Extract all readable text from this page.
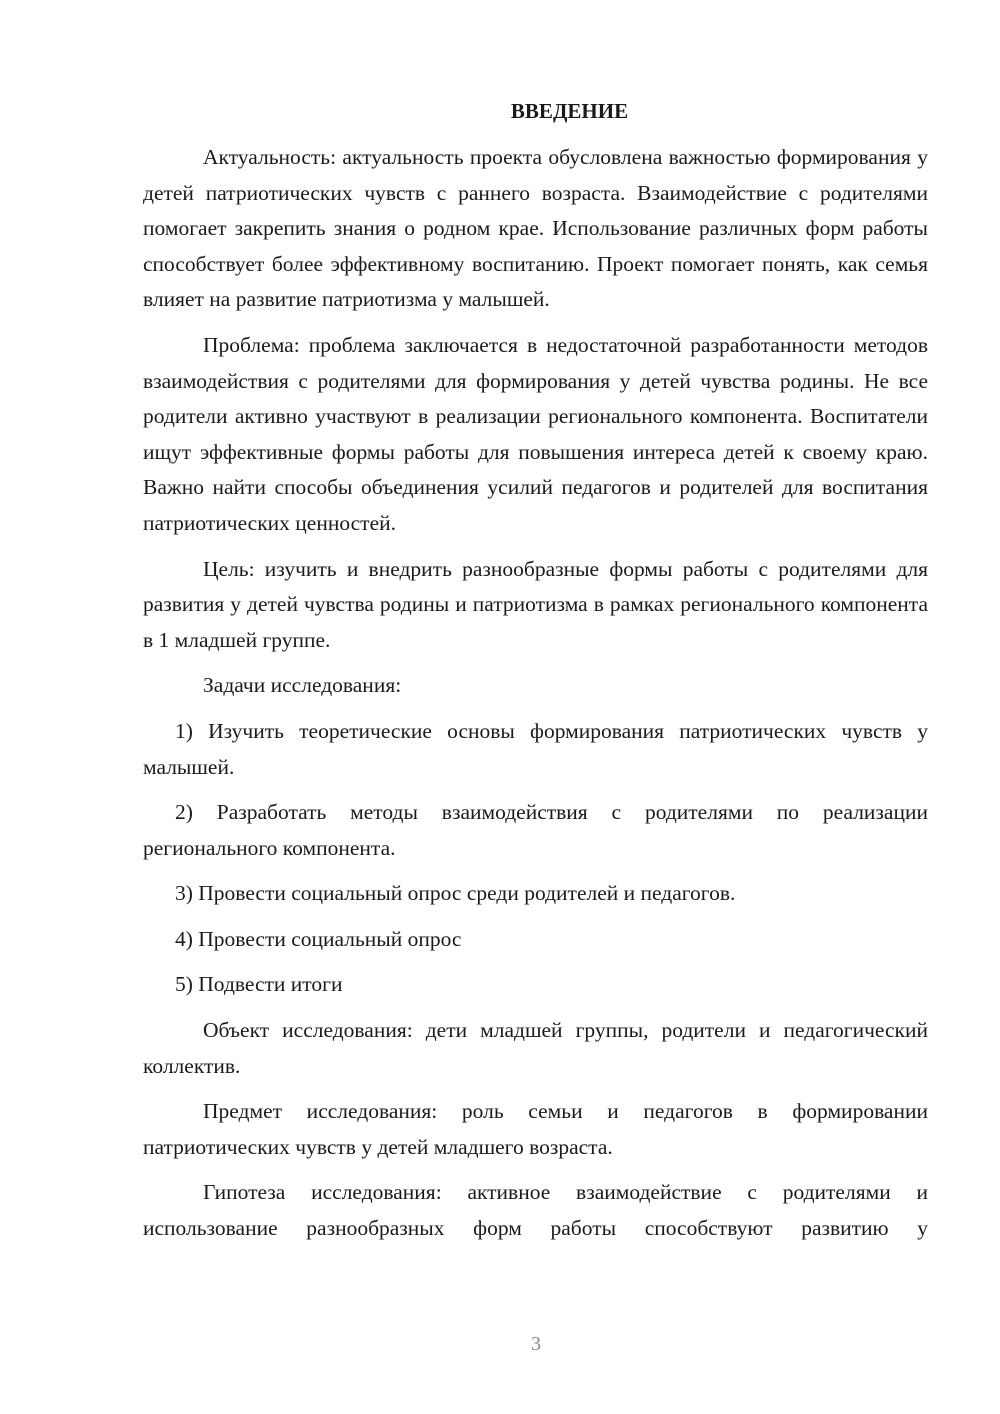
ВВЕДЕНИЕ

Актуальность: актуальность проекта обусловлена важностью формирования у детей патриотических чувств с раннего возраста. Взаимодействие с родителями помогает закрепить знания о родном крае. Использование различных форм работы способствует более эффективному воспитанию. Проект помогает понять, как семья влияет на развитие патриотизма у малышей.

Проблема: проблема заключается в недостаточной разработанности методов взаимодействия с родителями для формирования у детей чувства родины. Не все родители активно участвуют в реализации регионального компонента. Воспитатели ищут эффективные формы работы для повышения интереса детей к своему краю. Важно найти способы объединения усилий педагогов и родителей для воспитания патриотических ценностей.

Цель: изучить и внедрить разнообразные формы работы с родителями для развития у детей чувства родины и патриотизма в рамках регионального компонента в 1 младшей группе.

Задачи исследования:

1) Изучить теоретические основы формирования патриотических чувств у малышей.

2) Разработать методы взаимодействия с родителями по реализации регионального компонента.

3) Провести социальный опрос среди родителей и педагогов.

4) Провести социальный опрос

5) Подвести итоги

Объект исследования: дети младшей группы, родители и педагогический коллектив.

Предмет исследования: роль семьи и педагогов в формировании патриотических чувств у детей младшего возраста.

Гипотеза исследования: активное взаимодействие с родителями и использование разнообразных форм работы способствуют развитию у

3
